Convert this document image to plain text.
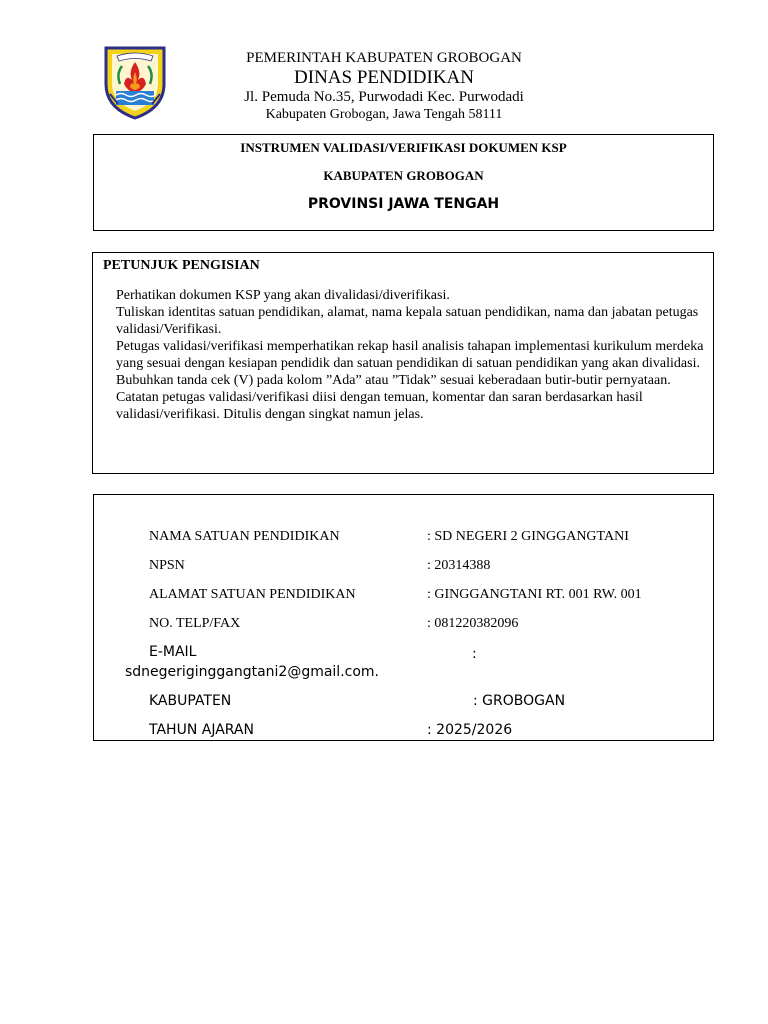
PEMERINTAH KABUPATEN GROBOGAN
DINAS PENDIDIKAN
Jl. Pemuda No.35, Purwodadi Kec. Purwodadi
Kabupaten Grobogan, Jawa Tengah 58111
INSTRUMEN VALIDASI/VERIFIKASI DOKUMEN KSP
KABUPATEN GROBOGAN
PROVINSI JAWA TENGAH
PETUNJUK PENGISIAN

Perhatikan dokumen KSP yang akan divalidasi/diverifikasi.

Tuliskan identitas satuan pendidikan, alamat, nama kepala satuan pendidikan, nama dan jabatan petugas validasi/Verifikasi.

Petugas validasi/verifikasi memperhatikan rekap hasil analisis tahapan implementasi kurikulum merdeka yang sesuai dengan kesiapan pendidik dan satuan pendidikan di satuan pendidikan yang akan divalidasi.

Bubuhkan tanda cek (V) pada kolom ”Ada” atau ”Tidak” sesuai keberadaan butir-butir pernyataan.

Catatan petugas validasi/verifikasi diisi dengan temuan, komentar dan saran berdasarkan hasil validasi/verifikasi. Ditulis dengan singkat namun jelas.

NAMA SATUAN PENDIDIKAN	: SD NEGERI 2 GINGGANGTANI
NPSN	: 20314388
ALAMAT SATUAN PENDIDIKAN	: GINGGANGTANI RT. 001 RW. 001
NO. TELP/FAX	: 081220382096
E-MAIL	:
sdnegeriginggangtani2@gmail.com.
KABUPATEN	: GROBOGAN
TAHUN AJARAN	: 2025/2026
